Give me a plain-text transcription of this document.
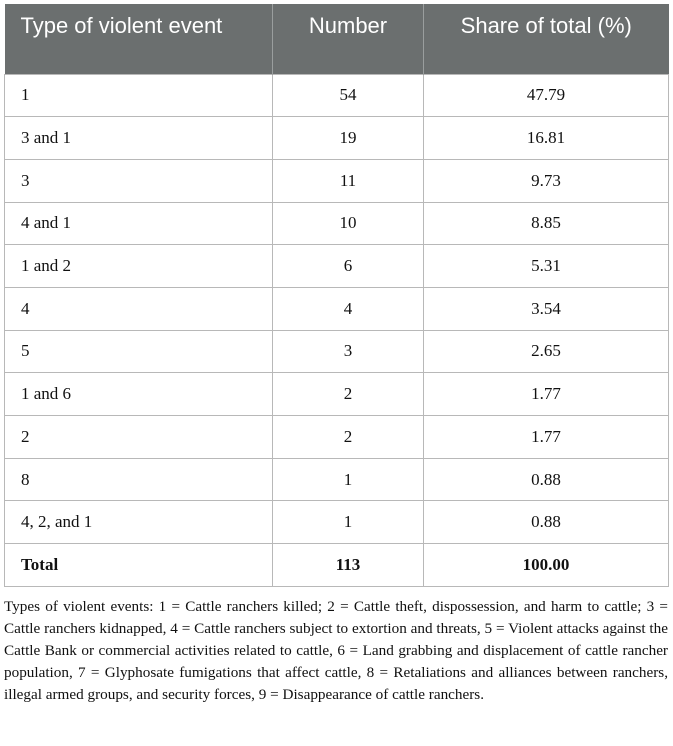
Type of violent event	Number	Share of total (%)
1	54	47.79
3 and 1	19	16.81
3	11	9.73
4 and 1	10	8.85
1 and 2	6	5.31
4	4	3.54
5	3	2.65
1 and 6	2	1.77
2	2	1.77
8	1	0.88
4, 2, and 1	1	0.88
Total	113	100.00

Types of violent events: 1 = Cattle ranchers killed; 2 = Cattle theft, dispossession, and harm to cattle; 3 = Cattle ranchers kidnapped, 4 = Cattle ranchers subject to extortion and threats, 5 = Violent attacks against the Cattle Bank or commercial activities related to cattle, 6 = Land grabbing and displacement of cattle rancher population, 7 = Glyphosate fumigations that affect cattle, 8 = Retaliations and alliances between ranchers, illegal armed groups, and security forces, 9 = Disappearance of cattle ranchers.
